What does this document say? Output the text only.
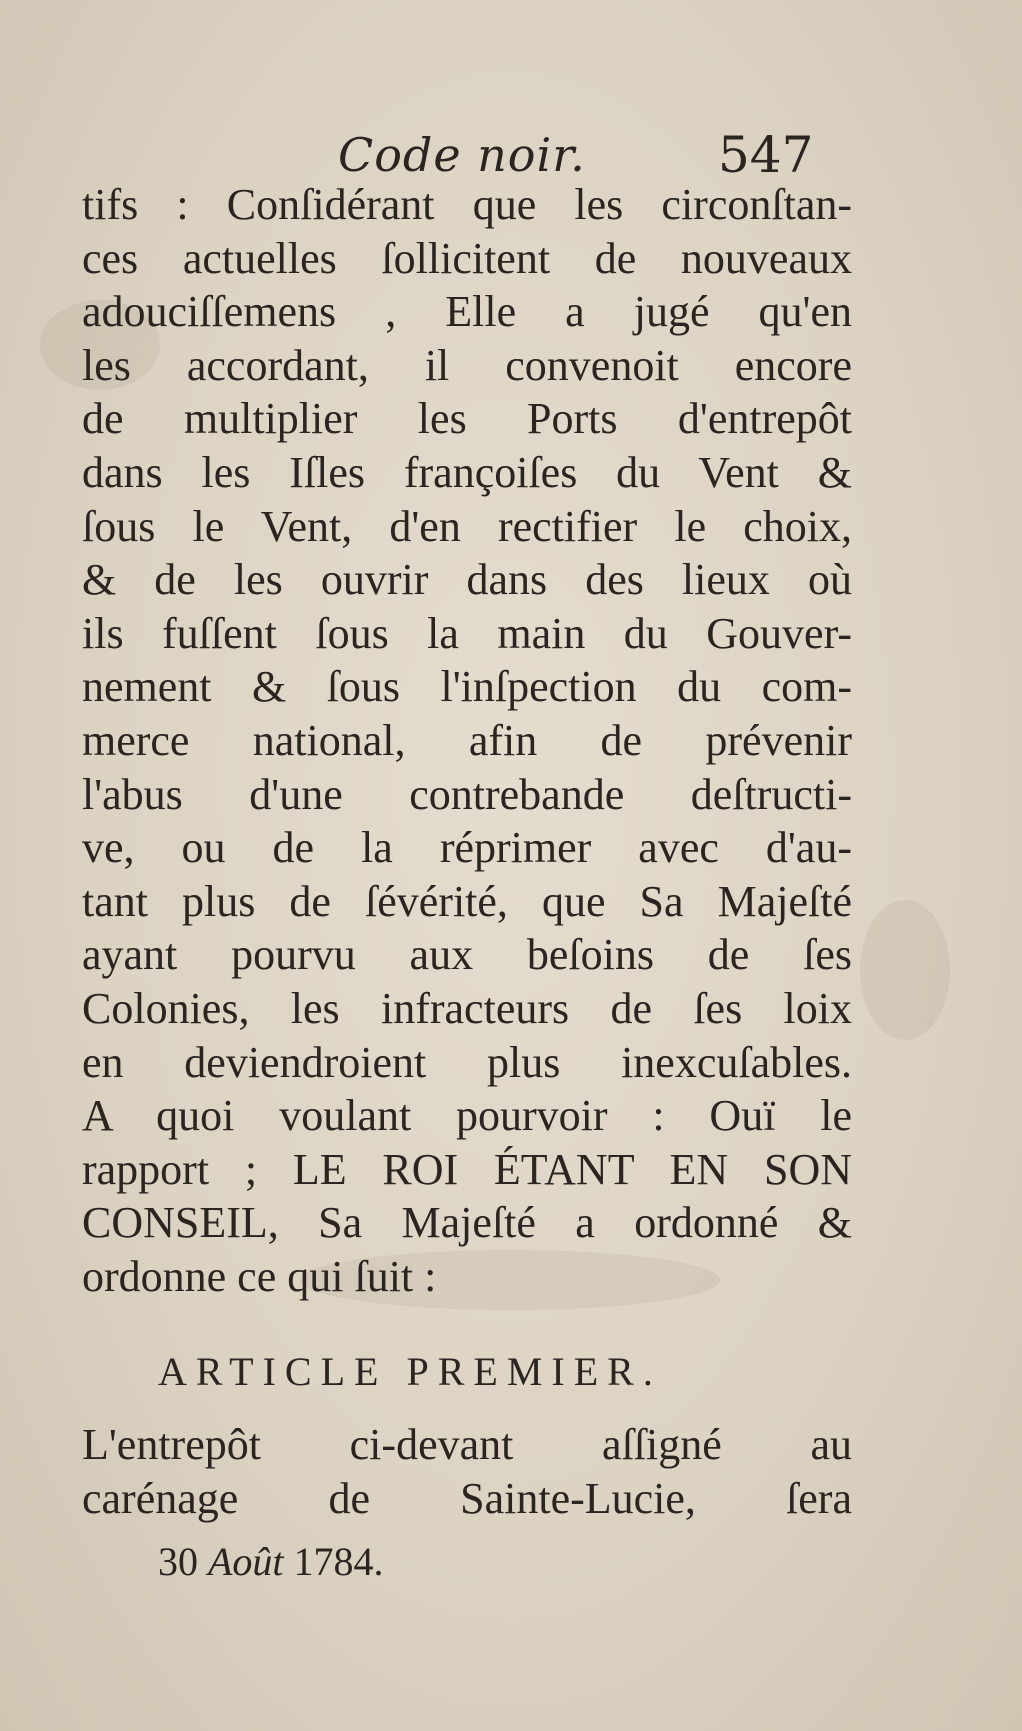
Code noir.	547
tifs : Conſidérant que les circonſtan-
ces actuelles ſollicitent de nouveaux
adouciſſemens , Elle a jugé qu'en
les accordant, il convenoit encore
de multiplier les Ports d'entrepôt
dans les Iſles françoiſes du Vent &
ſous le Vent, d'en rectifier le choix,
& de les ouvrir dans des lieux où
ils fuſſent ſous la main du Gouver-
nement & ſous l'inſpection du com-
merce national, afin de prévenir
l'abus d'une contrebande deſtructi-
ve, ou de la réprimer avec d'au-
tant plus de ſévérité, que Sa Majeſté
ayant pourvu aux beſoins de ſes
Colonies, les infracteurs de ſes loix
en deviendroient plus inexcuſables.
A quoi voulant pourvoir : Ouï le
rapport ; LE ROI ÉTANT EN SON
CONSEIL, Sa Majeſté a ordonné &
ordonne ce qui ſuit :
ARTICLE PREMIER.
L'entrepôt ci-devant aſſigné au
carénage de Sainte-Lucie, ſera
30 Août 1784.
